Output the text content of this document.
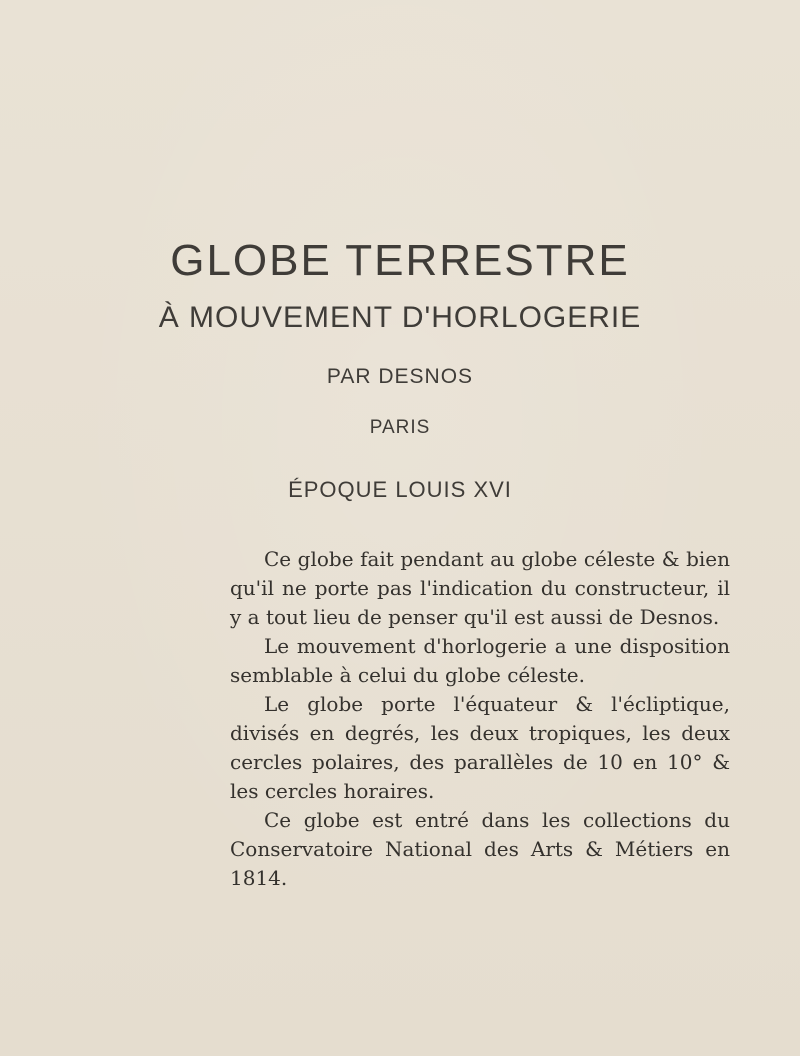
GLOBE TERRESTRE
À MOUVEMENT D'HORLOGERIE
PAR DESNOS
PARIS
ÉPOQUE LOUIS XVI

Ce globe fait pendant au globe céleste & bien qu'il ne porte pas l'indication du constructeur, il y a tout lieu de penser qu'il est aussi de Desnos.

Le mouvement d'horlogerie a une disposition semblable à celui du globe céleste.

Le globe porte l'équateur & l'écliptique, divisés en degrés, les deux tropiques, les deux cercles polaires, des parallèles de 10 en 10° & les cercles horaires.

Ce globe est entré dans les collections du Conservatoire National des Arts & Métiers en 1814.
